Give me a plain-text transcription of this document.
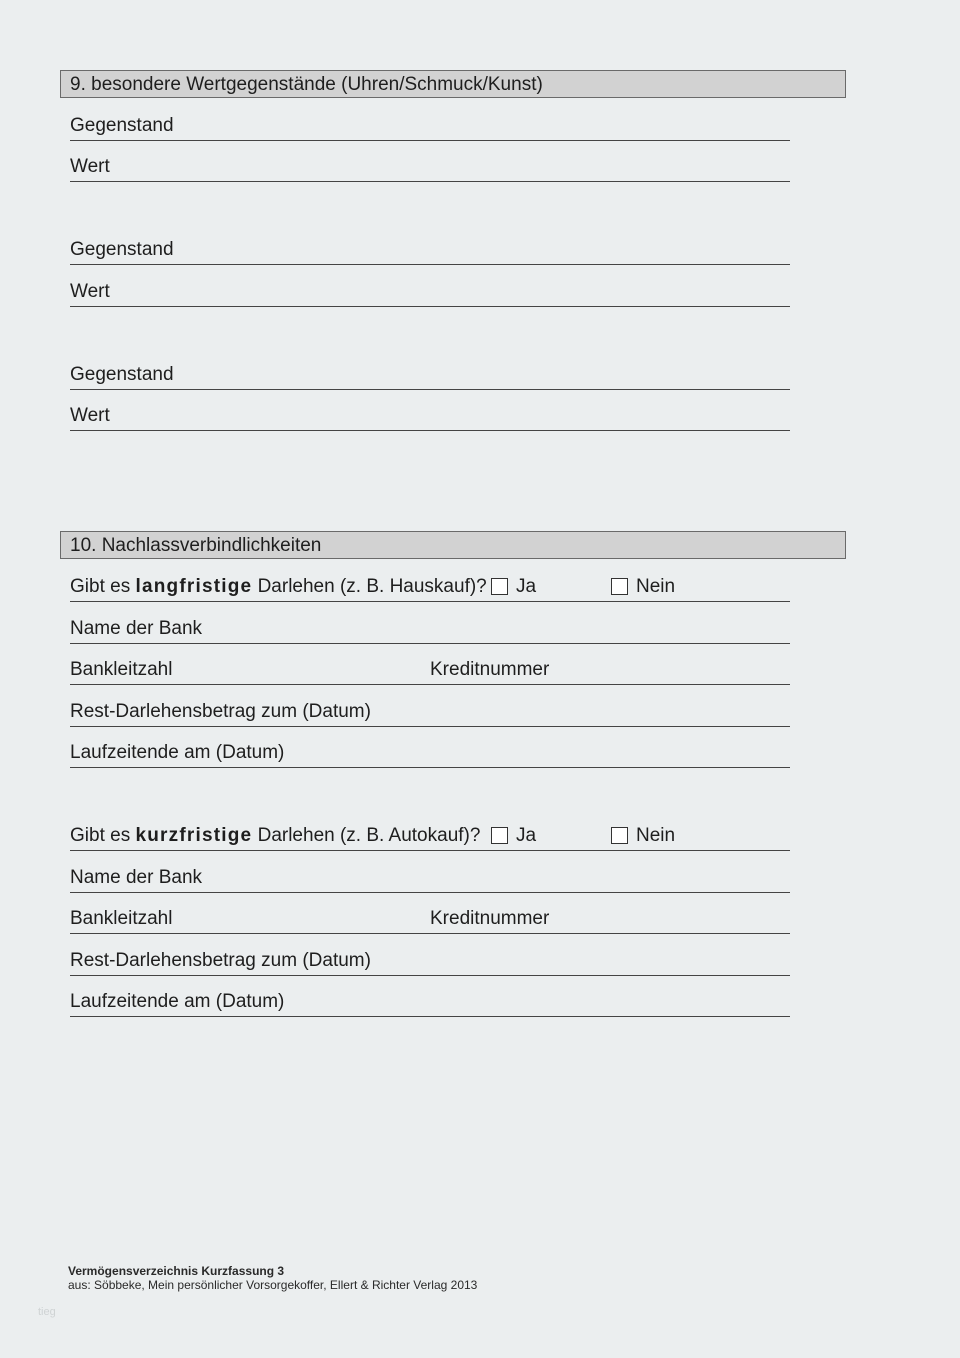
9. besondere Wertgegenstände (Uhren/Schmuck/Kunst)
Gegenstand
Wert
Gegenstand
Wert
Gegenstand
Wert
10. Nachlassverbindlichkeiten
Gibt es langfristige Darlehen (z. B. Hauskauf)? Ja	Nein
Name der Bank
Bankleitzahl	Kreditnummer
Rest-Darlehensbetrag zum (Datum)
Laufzeitende am (Datum)
Gibt es kurzfristige Darlehen (z. B. Autokauf)? Ja	Nein
Name der Bank
Bankleitzahl	Kreditnummer
Rest-Darlehensbetrag zum (Datum)
Laufzeitende am (Datum)
Vermögensverzeichnis Kurzfassung 3
aus: Söbbeke, Mein persönlicher Vorsorgekoffer, Ellert & Richter Verlag 2013
tieg
